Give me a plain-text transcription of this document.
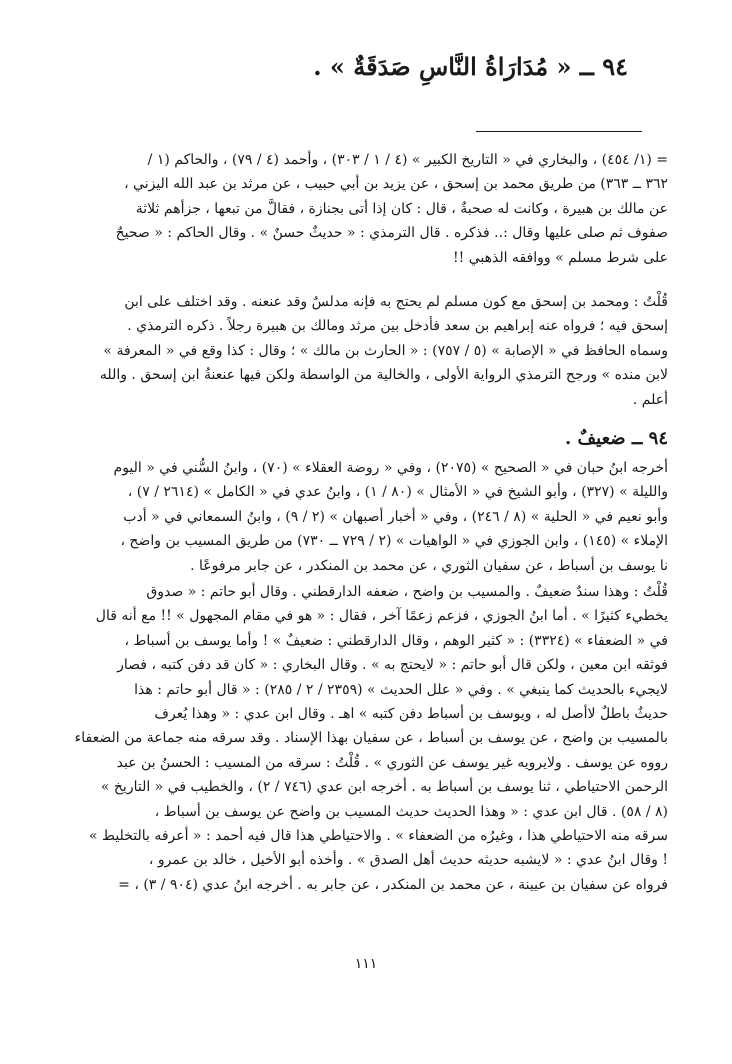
٩٤ ــ « مُدَارَاةُ النَّاسِ صَدَقَةٌ » .
= (١/ ٤٥٤) ، والبخاري في « التاريخ الكبير » (٤ / ١ / ٣٠٣) ، وأحمد (٤ / ٧٩) ، والحاكم (١ /
٣٦٢ ــ ٣٦٣) من طريق محمد بن إسحق ، عن يزيد بن أبي حبيب ، عن مرثد بن عبد الله اليزني ،
عن مالك بن هبيرة ، وكانت له صحبةٌ ، قال : كان إذا أتى بجنازة ، فقالَّ من تبعها ، جزأهم ثلاثة
صفوف ثم صلى عليها وقال :.. فذكره . قال الترمذي : « حديثٌ حسنٌ » . وقال الحاكم : « صحيحٌ
على شرط مسلم » ووافقه الذهبي !!
قُلْتُ : ومحمد بن إسحق مع كون مسلم لم يحتج به فإنه مدلسٌ وقد عنعنه . وقد اختلف على ابن
إسحق فيه ؛ فرواه عنه إبراهيم بن سعد فأدخل بين مرثد ومالك بن هبيرة رجلاً . ذكره الترمذي .
وسماه الحافظ في « الإصابة » (٥ / ٧٥٧) : « الحارث بن مالك » ؛ وقال : كذا وقع في « المعرفة »
لابن منده » ورجح الترمذي الرواية الأولى ، والخالية من الواسطة ولكن فيها عنعنةُ ابن إسحق . والله
أعلم .
٩٤ ــ ضعيفٌ .
أخرجه ابنُ حبان في « الصحيح » (٢٠٧٥) ، وفي « روضة العقلاء » (٧٠) ، وابنُ السُّني في « اليوم
والليلة » (٣٢٧) ، وأبو الشيخ في « الأمثال » (٨٠ / ١) ، وابنُ عدي في « الكامل » (٢٦١٤ / ٧) ،
وأبو نعيم في « الحلية » (٨ / ٢٤٦) ، وفي « أخبار أصبهان » (٢ / ٩) ، وابنُ السمعاني في « أدب
الإملاء » (١٤٥) ، وابن الجوزي في « الواهيات » (٢ / ٧٢٩ ــ ٧٣٠) من طريق المسيب بن واضح ،
نا يوسف بن أسباط ، عن سفيان الثوري ، عن محمد بن المنكدر ، عن جابر مرفوعًا .
قُلْتُ : وهذا سندٌ ضعيفٌ . والمسيب بن واضح ، ضعفه الدارقطني . وقال أبو حاتم : « صدوق
يخطيء كثيرًا » . أما ابنُ الجوزي ، فزعم زعمًا آخر ، فقال : « هو في مقام المجهول » !! مع أنه قال
في « الضعفاء » (٣٣٢٤) : « كثير الوهم ، وقال الدارقطني : ضعيفٌ » ! وأما يوسف بن أسباط ،
فوثقه ابن معين ، ولكن قال أبو حاتم : « لايحتج به » . وقال البخاري : « كان قد دفن كتبه ، فصار
لايجيء بالحديث كما ينبغي » . وفي « علل الحديث » (٢٣٥٩ / ٢ / ٢٨٥) : « قال أبو حاتم : هذا
حديثٌ باطلٌ لاأصل له ، ويوسف بن أسباط دفن كتبه » اهـ . وقال ابن عدي : « وهذا يُعرف
بالمسيب بن واضح ، عن يوسف بن أسباط ، عن سفيان بهذا الإسناد . وقد سرقه منه جماعة من الضعفاء
رووه عن يوسف . ولايرويه غير يوسف عن الثوري » . قُلْتُ : سرقه من المسيب : الحسنُ بن عبد
الرحمن الاحتياطي ، ثنا يوسف بن أسباط به . أخرجه ابن عدي (٧٤٦ / ٢) ، والخطيب في « التاريخ »
(٨ / ٥٨) . قال ابن عدي : « وهذا الحديث حديث المسيب بن واضح عن يوسف بن أسباط ،
سرقه منه الاحتياطي هذا ، وغيرُه من الضعفاء » . والاحتياطي هذا قال فيه أحمد : « أعرفه بالتخليط »
! وقال ابنُ عدي : « لايشبه حديثه حديث أهل الصدق » . وأخذه أبو الأخيل ، خالد بن عمرو ،
فرواه عن سفيان بن عيينة ، عن محمد بن المنكدر ، عن جابر به . أخرجه ابنُ عدي (٩٠٤ / ٣) ، =
١١١
